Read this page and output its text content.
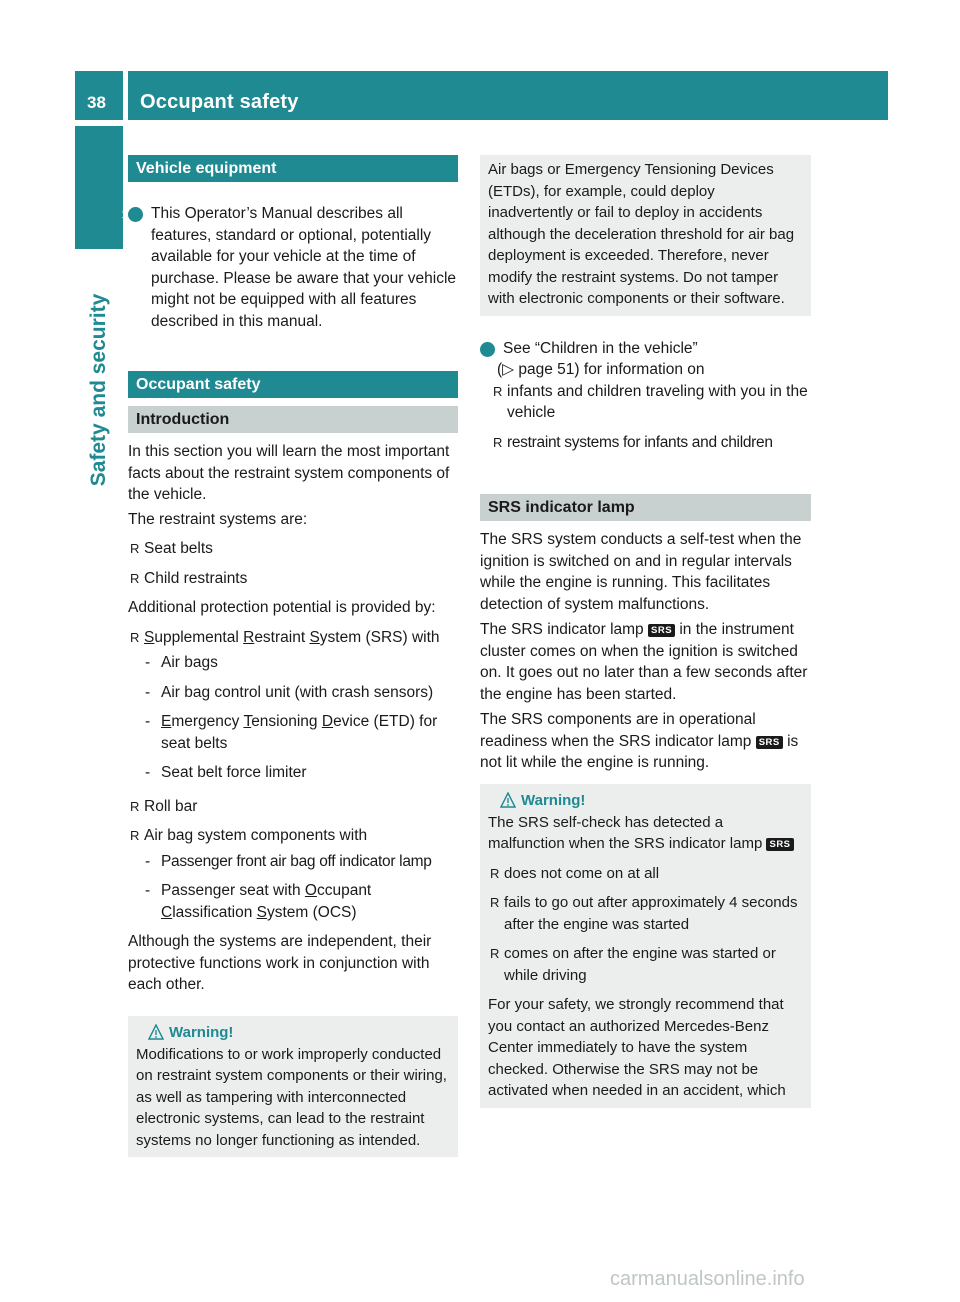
38 Occupant safety
Safety and security
Vehicle equipment

i This Operator’s Manual describes all features, standard or optional, potentially available for your vehicle at the time of purchase. Please be aware that your vehicle might not be equipped with all features described in this manual.

Occupant safety
Introduction

In this section you will learn the most important facts about the restraint system components of the vehicle.

The restraint systems are:

R Seat belts

R Child restraints

Additional protection potential is provided by:

R Supplemental Restraint System (SRS) with

- Air bags

- Air bag control unit (with crash sensors)

- Emergency Tensioning Device (ETD) for seat belts

- Seat belt force limiter

R Roll bar

R Air bag system components with

- Passenger front air bag off indicator lamp

- Passenger seat with Occupant Classification System (OCS)

Although the systems are independent, their protective functions work in conjunction with each other.

Warning!

Modifications to or work improperly conducted on restraint system components or their wiring, as well as tampering with interconnected electronic systems, can lead to the restraint systems no longer functioning as intended.

Air bags or Emergency Tensioning Devices (ETDs), for example, could deploy inadvertently or fail to deploy in accidents although the deceleration threshold for air bag deployment is exceeded. Therefore, never modify the restraint systems. Do not tamper with electronic components or their software.

i See “Children in the vehicle”

(▷ page 51) for information on

R infants and children traveling with you in the vehicle

R restraint systems for infants and children

SRS indicator lamp

The SRS system conducts a self-test when the ignition is switched on and in regular intervals while the engine is running. This facilitates detection of system malfunctions.

The SRS indicator lamp SRS in the instrument cluster comes on when the ignition is switched on. It goes out no later than a few seconds after the engine has been started.

The SRS components are in operational readiness when the SRS indicator lamp SRS is not lit while the engine is running.

Warning!

The SRS self-check has detected a malfunction when the SRS indicator lamp SRS

R does not come on at all

R fails to go out after approximately 4 seconds after the engine was started

R comes on after the engine was started or while driving

For your safety, we strongly recommend that you contact an authorized Mercedes-Benz Center immediately to have the system checked. Otherwise the SRS may not be activated when needed in an accident, which

carmanualsonline.info
